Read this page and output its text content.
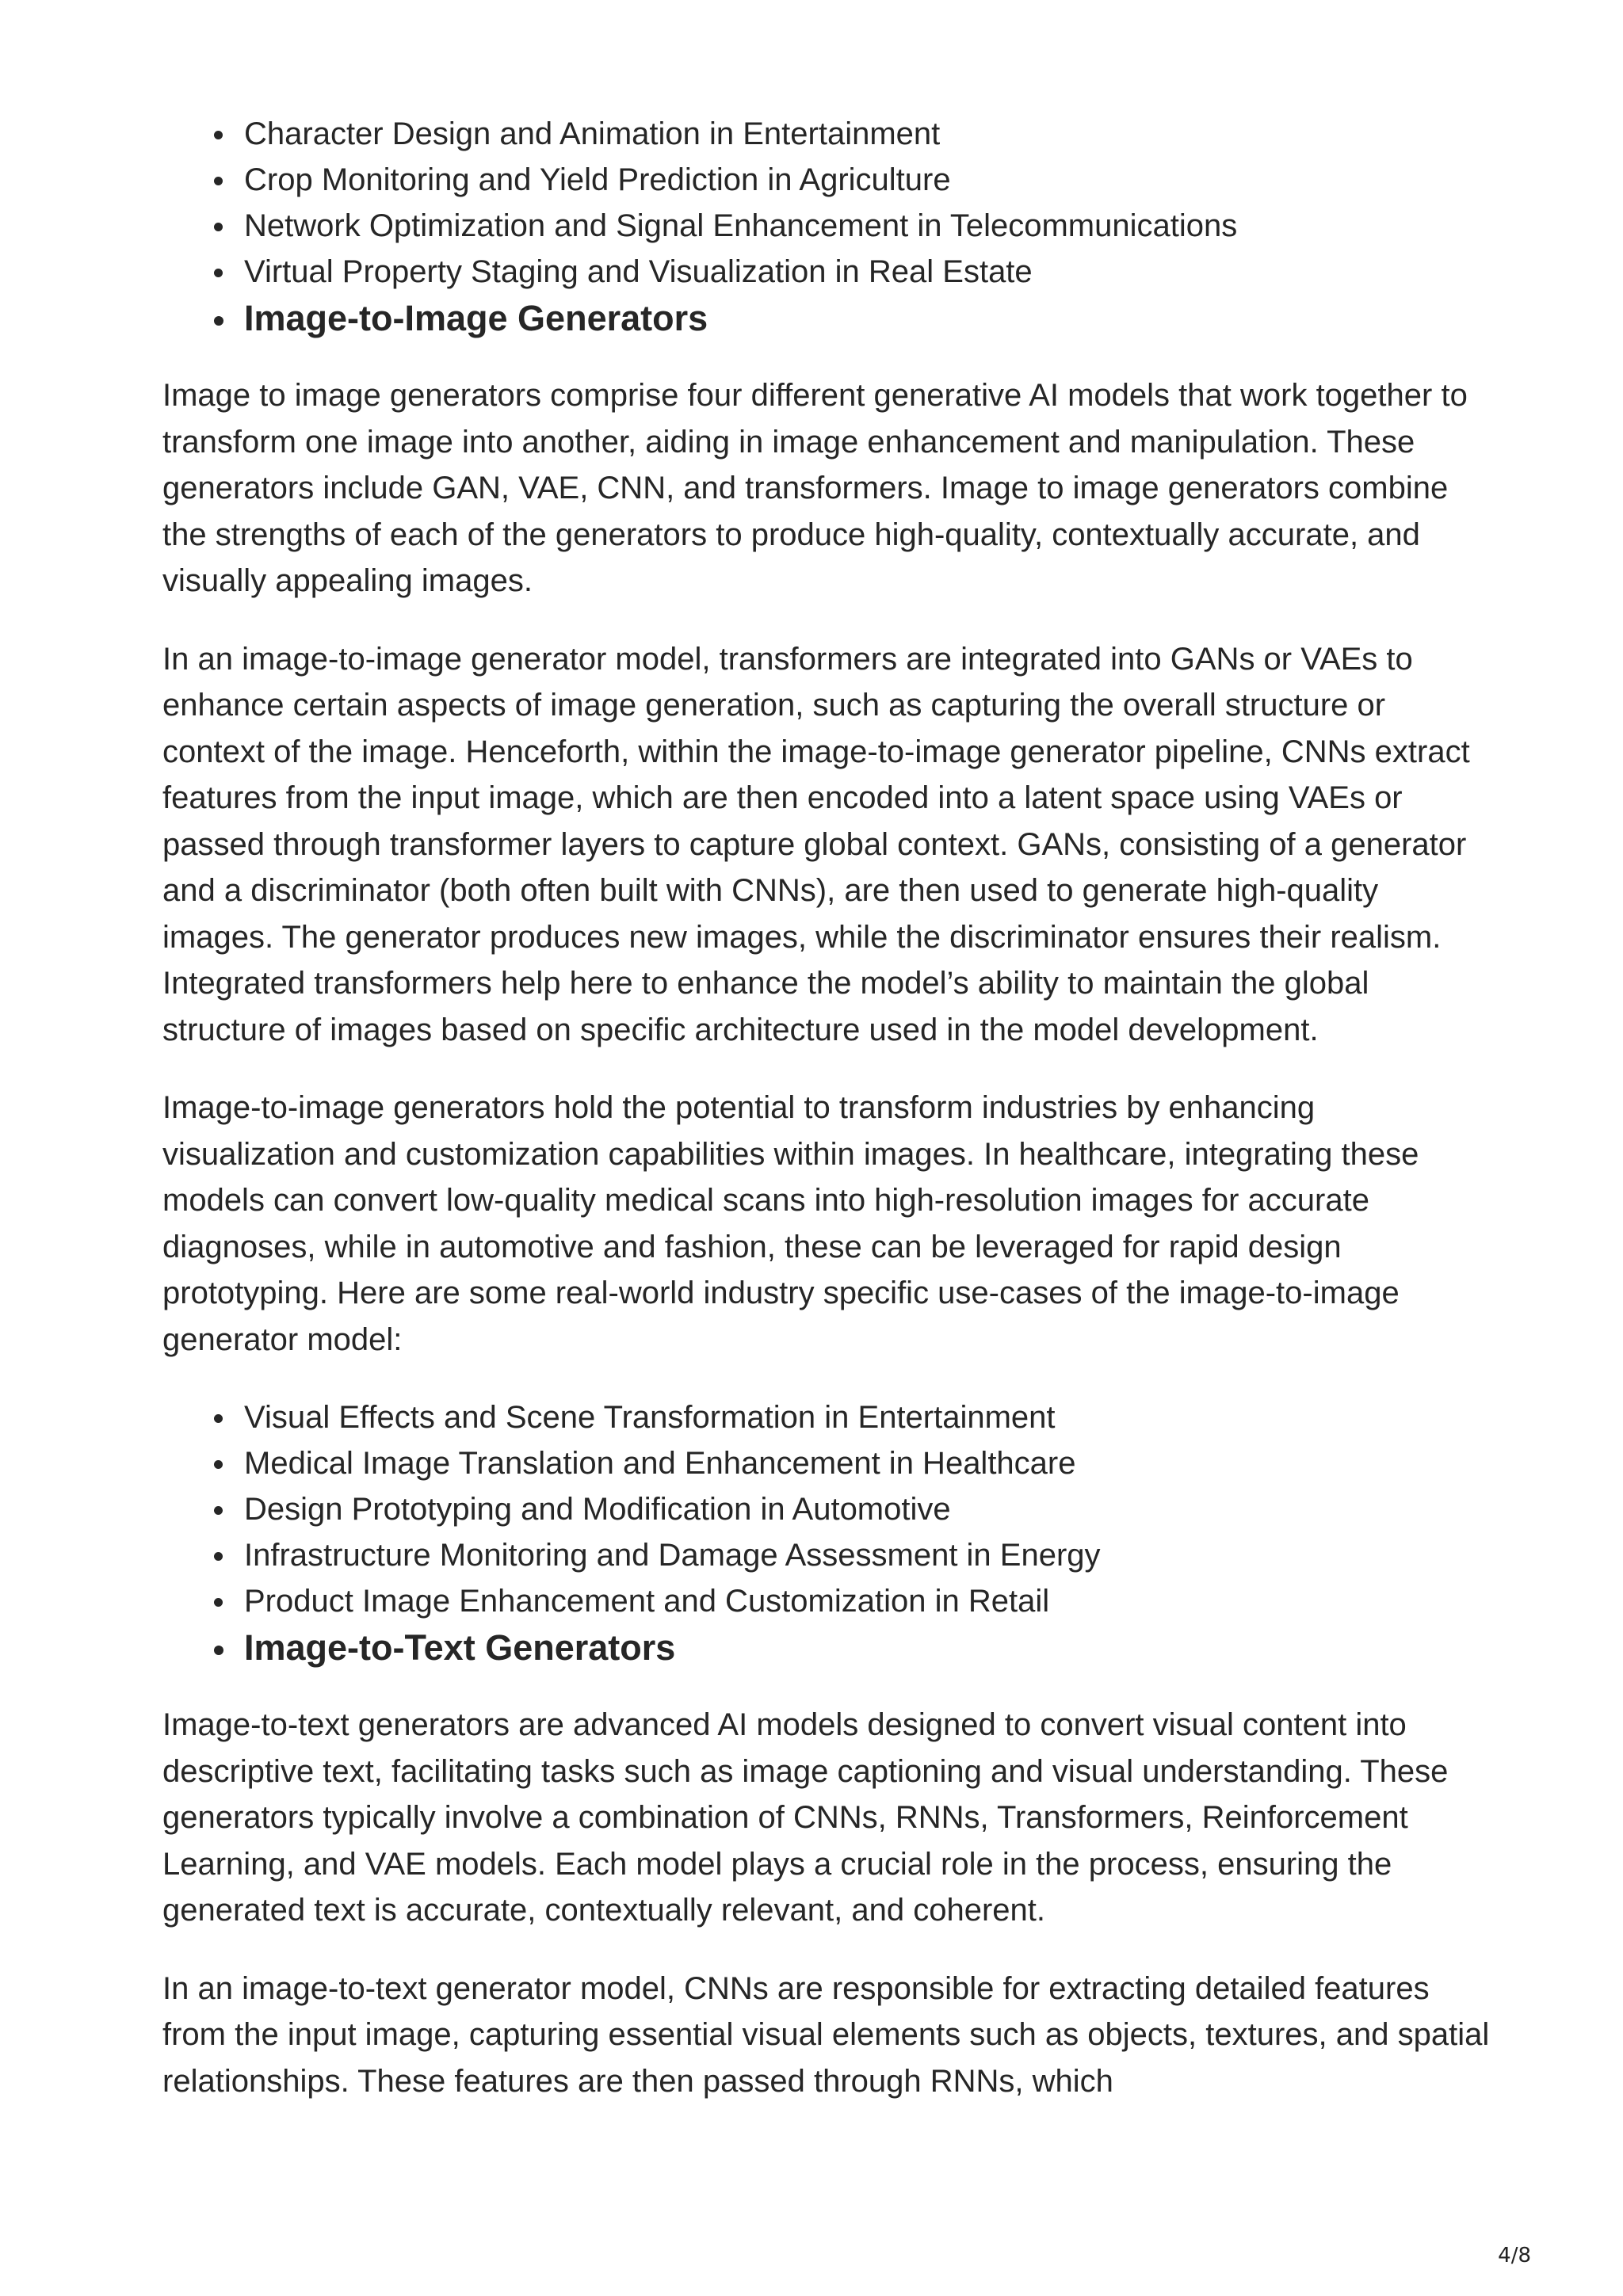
Character Design and Animation in Entertainment
Crop Monitoring and Yield Prediction in Agriculture
Network Optimization and Signal Enhancement in Telecommunications
Virtual Property Staging and Visualization in Real Estate
Image-to-Image Generators

Image to image generators comprise four different generative AI models that work together to transform one image into another, aiding in image enhancement and manipulation. These generators include GAN, VAE, CNN, and transformers. Image to image generators combine the strengths of each of the generators to produce high-quality, contextually accurate, and visually appealing images.

In an image-to-image generator model, transformers are integrated into GANs or VAEs to enhance certain aspects of image generation, such as capturing the overall structure or context of the image. Henceforth, within the image-to-image generator pipeline, CNNs extract features from the input image, which are then encoded into a latent space using VAEs or passed through transformer layers to capture global context. GANs, consisting of a generator and a discriminator (both often built with CNNs), are then used to generate high-quality images. The generator produces new images, while the discriminator ensures their realism. Integrated transformers help here to enhance the model’s ability to maintain the global structure of images based on specific architecture used in the model development.

Image-to-image generators hold the potential to transform industries by enhancing visualization and customization capabilities within images. In healthcare, integrating these models can convert low-quality medical scans into high-resolution images for accurate diagnoses, while in automotive and fashion, these can be leveraged for rapid design prototyping. Here are some real-world industry specific use-cases of the image-to-image generator model:

Visual Effects and Scene Transformation in Entertainment
Medical Image Translation and Enhancement in Healthcare
Design Prototyping and Modification in Automotive
Infrastructure Monitoring and Damage Assessment in Energy
Product Image Enhancement and Customization in Retail
Image-to-Text Generators

Image-to-text generators are advanced AI models designed to convert visual content into descriptive text, facilitating tasks such as image captioning and visual understanding. These generators typically involve a combination of CNNs, RNNs, Transformers, Reinforcement Learning, and VAE models. Each model plays a crucial role in the process, ensuring the generated text is accurate, contextually relevant, and coherent.

In an image-to-text generator model, CNNs are responsible for extracting detailed features from the input image, capturing essential visual elements such as objects, textures, and spatial relationships. These features are then passed through RNNs, which

4/8
